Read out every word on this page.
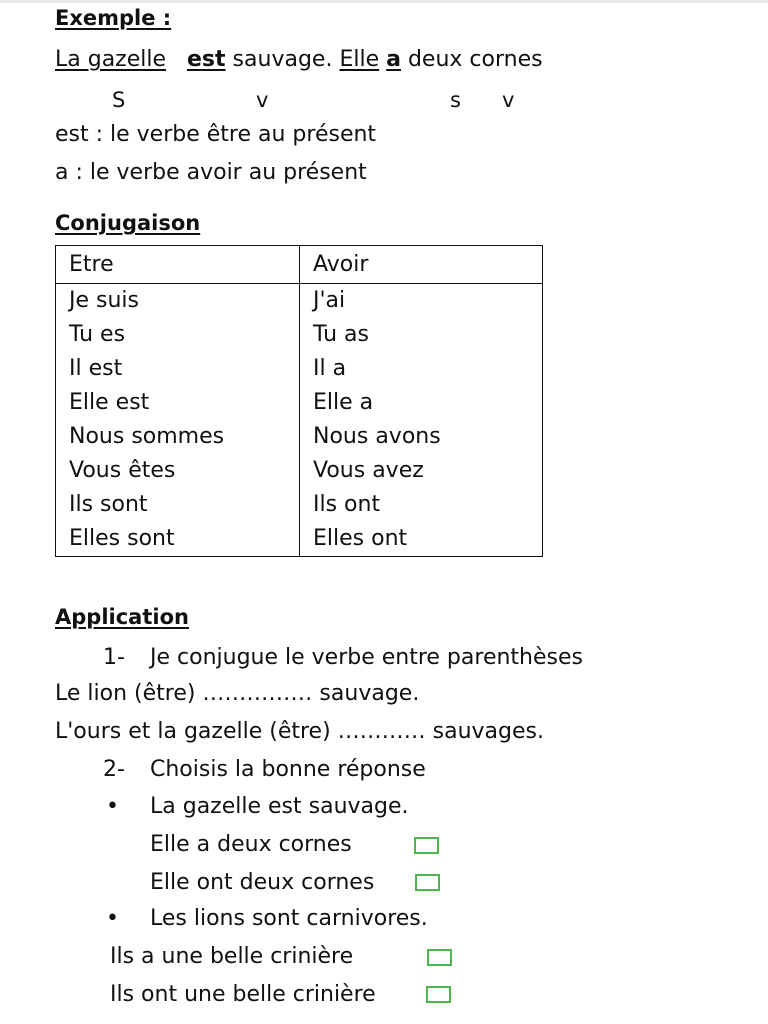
Exemple :
La gazelle est sauvage. Elle a deux cornes
S	v	s v
est : le verbe être au présent
a : le verbe avoir au présent
Conjugaison
Etre	Avoir
Je suis	J'ai
Tu es	Tu as
Il est	Il a
Elle est	Elle a
Nous sommes	Nous avons
Vous êtes	Vous avez
Ils sont	Ils ont
Elles sont	Elles ont
Application
1- Je conjugue le verbe entre parenthèses
Le lion (être) …………… sauvage.
L'ours et la gazelle (être) ………… sauvages.
2- Choisis la bonne réponse
• La gazelle est sauvage.
Elle a deux cornes
Elle ont deux cornes
• Les lions sont carnivores.
Ils a une belle crinière
Ils ont une belle crinière
